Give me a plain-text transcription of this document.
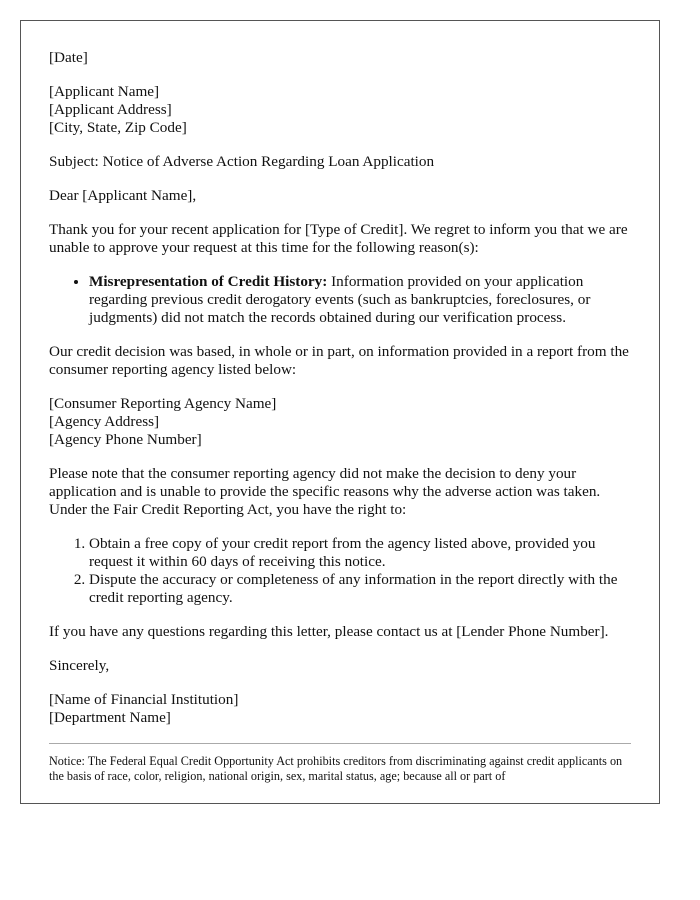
[Date]

[Applicant Name]
[Applicant Address]
[City, State, Zip Code]

Subject: Notice of Adverse Action Regarding Loan Application

Dear [Applicant Name],

Thank you for your recent application for [Type of Credit]. We regret to inform you that we are unable to approve your request at this time for the following reason(s):

• Misrepresentation of Credit History: Information provided on your application regarding previous credit derogatory events (such as bankruptcies, foreclosures, or judgments) did not match the records obtained during our verification process.

Our credit decision was based, in whole or in part, on information provided in a report from the consumer reporting agency listed below:

[Consumer Reporting Agency Name]
[Agency Address]
[Agency Phone Number]

Please note that the consumer reporting agency did not make the decision to deny your application and is unable to provide the specific reasons why the adverse action was taken. Under the Fair Credit Reporting Act, you have the right to:

1. Obtain a free copy of your credit report from the agency listed above, provided you request it within 60 days of receiving this notice.
2. Dispute the accuracy or completeness of any information in the report directly with the credit reporting agency.

If you have any questions regarding this letter, please contact us at [Lender Phone Number].

Sincerely,

[Name of Financial Institution]
[Department Name]

Notice: The Federal Equal Credit Opportunity Act prohibits creditors from discriminating against credit applicants on the basis of race, color, religion, national origin, sex, marital status, age; because all or part of
